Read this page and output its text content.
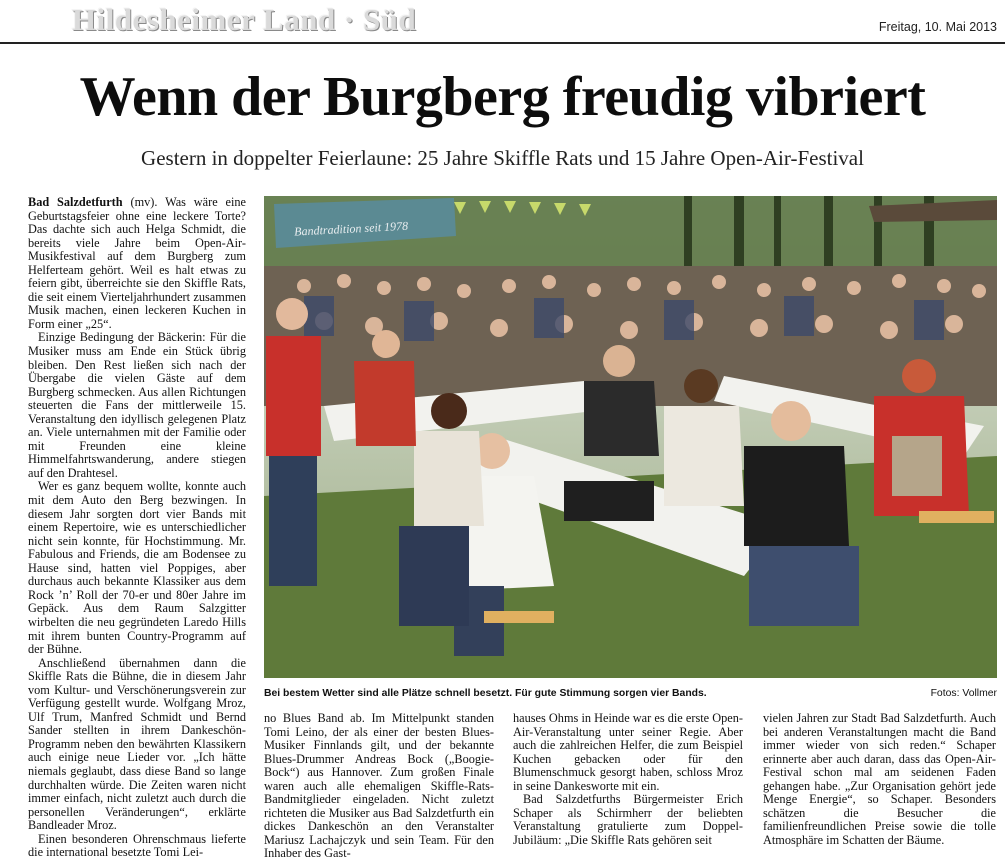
Hildesheimer Land · Süd	Freitag, 10. Mai 2013
Wenn der Burgberg freudig vibriert
Gestern in doppelter Feierlaune: 25 Jahre Skiffle Rats und 15 Jahre Open-Air-Festival

Bad Salzdetfurth (mv). Was wäre eine Geburtstagsfeier ohne eine leckere Torte? Das dachte sich auch Helga Schmidt, die bereits viele Jahre beim Open-Air-Musikfestival auf dem Burgberg zum Helferteam gehört. Weil es halt etwas zu feiern gibt, überreichte sie den Skiffle Rats, die seit einem Vierteljahrhundert zusammen Musik machen, einen leckeren Kuchen in Form einer „25“.

Einzige Bedingung der Bäckerin: Für die Musiker muss am Ende ein Stück übrig bleiben. Den Rest ließen sich nach der Übergabe die vielen Gäste auf dem Burgberg schmecken. Aus allen Richtungen steuerten die Fans der mittlerweile 15. Veranstaltung den idyllisch gelegenen Platz an. Viele unternahmen mit der Familie oder mit Freunden eine kleine Himmelfahrtswanderung, andere stiegen auf den Drahtesel.

Wer es ganz bequem wollte, konnte auch mit dem Auto den Berg bezwingen. In diesem Jahr sorgten dort vier Bands mit einem Repertoire, wie es unterschiedlicher nicht sein konnte, für Hochstimmung. Mr. Fabulous and Friends, die am Bodensee zu Hause sind, hatten viel Poppiges, aber durchaus auch bekannte Klassiker aus dem Rock ’n’ Roll der 70-er und 80er Jahre im Gepäck. Aus dem Raum Salzgitter wirbelten die neu gegründeten Laredo Hills mit ihrem bunten Country-Programm auf der Bühne.

Anschließend übernahmen dann die Skiffle Rats die Bühne, die in diesem Jahr vom Kultur- und Verschönerungsverein zur Verfügung gestellt wurde. Wolfgang Mroz, Ulf Trum, Manfred Schmidt und Bernd Sander stellten in ihrem Dankeschön-Programm neben den bewährten Klassikern auch einige neue Lieder vor. „Ich hätte niemals geglaubt, dass diese Band so lange durchhalten würde. Die Zeiten waren nicht immer einfach, nicht zuletzt auch durch die personellen Veränderungen“, erklärte Bandleader Mroz.

Einen besonderen Ohrenschmaus lieferte die international besetzte Tomi Lei-

Bandtradition seit 1978
Bei bestem Wetter sind alle Plätze schnell besetzt. Für gute Stimmung sorgen vier Bands.	Fotos: Vollmer

no Blues Band ab. Im Mittelpunkt standen Tomi Leino, der als einer der besten Blues-Musiker Finnlands gilt, und der bekannte Blues-Drummer Andreas Bock („Boogie-Bock“) aus Hannover. Zum großen Finale waren auch alle ehemaligen Skiffle-Rats-Bandmitglieder eingeladen. Nicht zuletzt richteten die Musiker aus Bad Salzdetfurth ein dickes Dankeschön an den Veranstalter Mariusz Lachajczyk und sein Team. Für den Inhaber des Gast-

hauses Ohms in Heinde war es die erste Open-Air-Veranstaltung unter seiner Regie. Aber auch die zahlreichen Helfer, die zum Beispiel Kuchen gebacken oder für den Blumenschmuck gesorgt haben, schloss Mroz in seine Dankesworte mit ein.

Bad Salzdetfurths Bürgermeister Erich Schaper als Schirmherr der beliebten Veranstaltung gratulierte zum Doppel-Jubiläum: „Die Skiffle Rats gehören seit

vielen Jahren zur Stadt Bad Salzdetfurth. Auch bei anderen Veranstaltungen macht die Band immer wieder von sich reden.“ Schaper erinnerte aber auch daran, dass das Open-Air-Festival schon mal am seidenen Faden gehangen habe. „Zur Organisation gehört jede Menge Energie“, so Schaper. Besonders schätzen die Besucher die familienfreundlichen Preise sowie die tolle Atmosphäre im Schatten der Bäume.
